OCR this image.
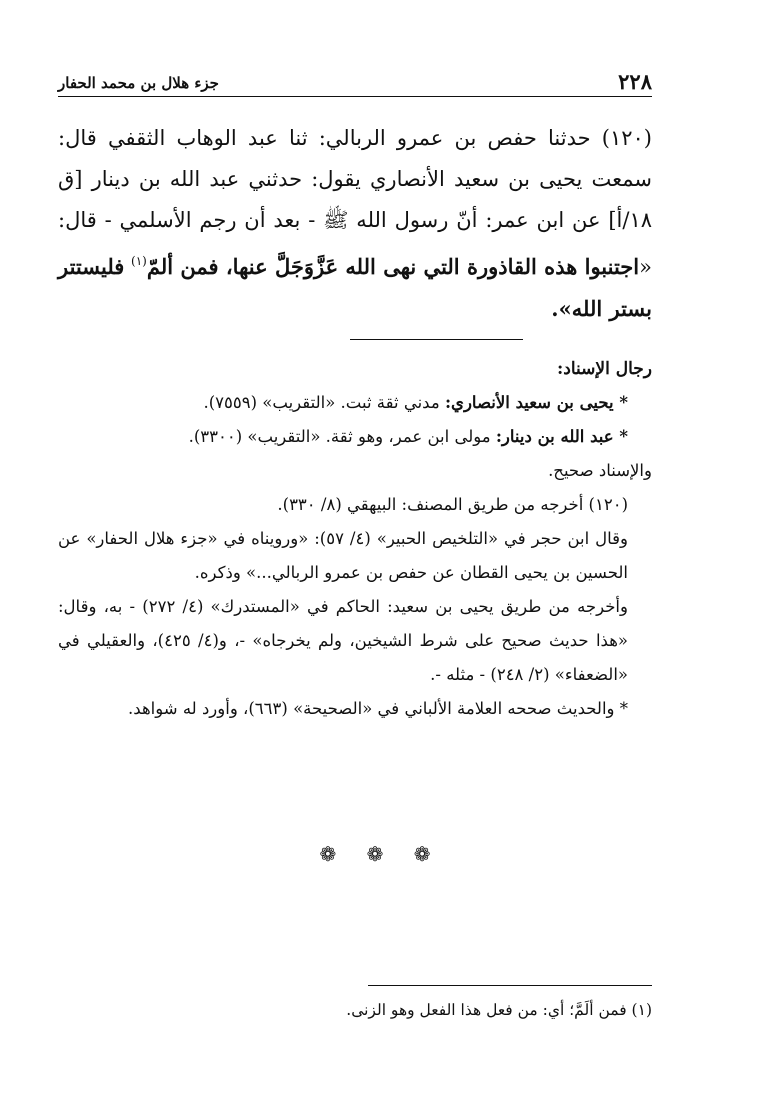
٢٢٨
جزء هلال بن محمد الحفار
(١٢٠) حدثنا حفص بن عمرو الربالي: ثنا عبد الوهاب الثقفي قال: سمعت يحيى بن سعيد الأنصاري يقول: حدثني عبد الله بن دينار [ق ١٨/أ] عن ابن عمر: أنّ رسول الله ﷺ - بعد أن رجم الأسلمي - قال: «اجتنبوا هذه القاذورة التي نهى الله عَزَّوَجَلَّ عنها، فمن ألمّ$^{(١)}$ فليستتر بستر الله».

رجال الإسناد:

* يحيى بن سعيد الأنصاري: مدني ثقة ثبت. «التقريب» (٧٥٥٩).

* عبد الله بن دينار: مولى ابن عمر، وهو ثقة. «التقريب» (٣٣٠٠).

والإسناد صحيح.

(١٢٠) أخرجه من طريق المصنف: البيهقي (٨/ ٣٣٠).

وقال ابن حجر في «التلخيص الحبير» (٤/ ٥٧): «ورويناه في «جزء هلال الحفار» عن الحسين بن يحيى القطان عن حفص بن عمرو الربالي...» وذكره.

وأخرجه من طريق يحيى بن سعيد: الحاكم في «المستدرك» (٤/ ٢٧٢) - به، وقال: «هذا حديث صحيح على شرط الشيخين، ولم يخرجاه» -، و(٤/ ٤٢٥)، والعقيلي في «الضعفاء» (٢/ ٢٤٨) - مثله -.

* والحديث صححه العلامة الألباني في «الصحيحة» (٦٦٣)، وأورد له شواهد.

❁ ❁ ❁
(١) فمن ألَمَّ؛ أي: من فعل هذا الفعل وهو الزنى.
